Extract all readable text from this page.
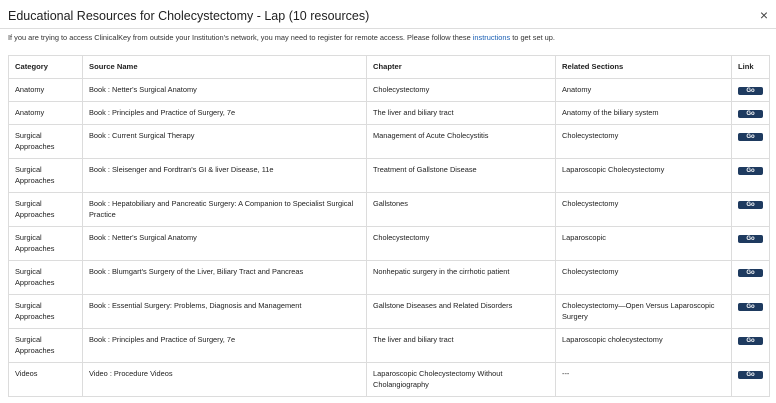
Educational Resources for Cholecystectomy - Lap (10 resources)	×
If you are trying to access ClinicalKey from outside your Institution's network, you may need to register for remote access. Please follow these instructions to get set up.
Category	Source Name	Chapter	Related Sections	Link
Anatomy	Book : Netter's Surgical Anatomy	Cholecystectomy	Anatomy	Go
Anatomy	Book : Principles and Practice of Surgery, 7e	The liver and biliary tract	Anatomy of the biliary system	Go
Surgical Approaches	Book : Current Surgical Therapy	Management of Acute Cholecystitis	Cholecystectomy	Go
Surgical Approaches	Book : Sleisenger and Fordtran's GI & liver Disease, 11e	Treatment of Gallstone Disease	Laparoscopic Cholecystectomy	Go
Surgical Approaches	Book : Hepatobiliary and Pancreatic Surgery: A Companion to Specialist Surgical Practice	Gallstones	Cholecystectomy	Go
Surgical Approaches	Book : Netter's Surgical Anatomy	Cholecystectomy	Laparoscopic	Go
Surgical Approaches	Book : Blumgart's Surgery of the Liver, Biliary Tract and Pancreas	Nonhepatic surgery in the cirrhotic patient	Cholecystectomy	Go
Surgical Approaches	Book : Essential Surgery: Problems, Diagnosis and Management	Gallstone Diseases and Related Disorders	Cholecystectomy—Open Versus Laparoscopic Surgery	Go
Surgical Approaches	Book : Principles and Practice of Surgery, 7e	The liver and biliary tract	Laparoscopic cholecystectomy	Go
Videos	Video : Procedure Videos	Laparoscopic Cholecystectomy Without Cholangiography	---	Go
